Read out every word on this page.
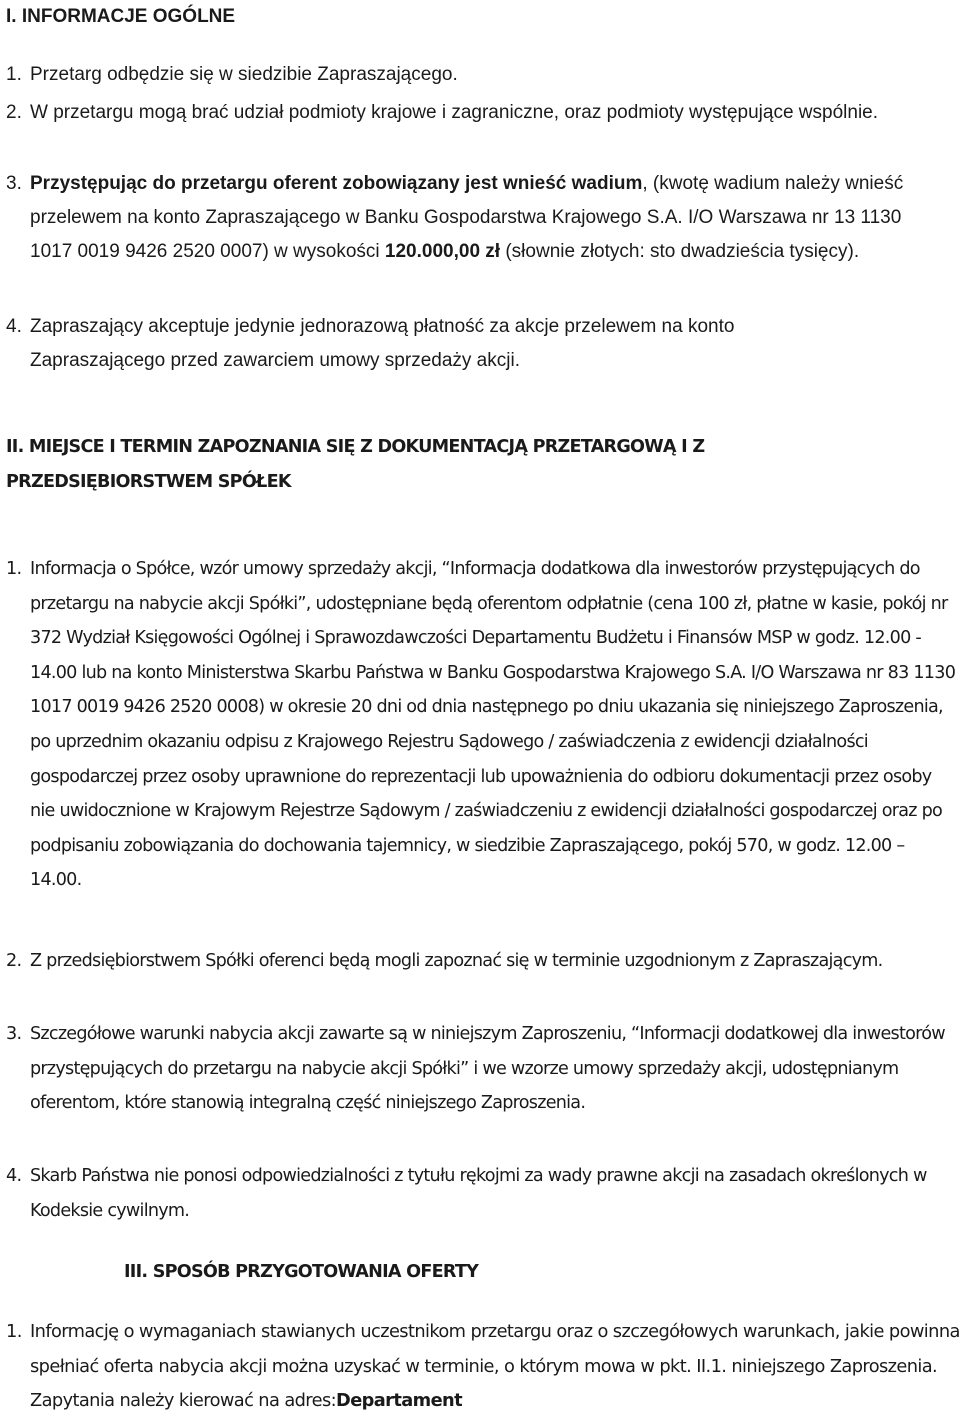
I. INFORMACJE OGÓLNE
1. Przetarg odbędzie się w siedzibie Zapraszającego.
2. W przetargu mogą brać udział podmioty krajowe i zagraniczne, oraz podmioty występujące wspólnie.
3. Przystępując do przetargu oferent zobowiązany jest wnieść wadium, (kwotę wadium należy wnieść przelewem na konto Zapraszającego w Banku Gospodarstwa Krajowego S.A. I/O Warszawa nr 13 1130 1017 0019 9426 2520 0007) w wysokości 120.000,00 zł (słownie złotych: sto dwadzieścia tysięcy).
4. Zapraszający akceptuje jedynie jednorazową płatność za akcje przelewem na konto Zapraszającego przed zawarciem umowy sprzedaży akcji.
II. MIEJSCE I TERMIN ZAPOZNANIA SIĘ Z DOKUMENTACJĄ PRZETARGOWĄ I Z
PRZEDSIĘBIORSTWEM SPÓŁEK
1. Informacja o Spółce, wzór umowy sprzedaży akcji, “Informacja dodatkowa dla inwestorów przystępujących do przetargu na nabycie akcji Spółki”, udostępniane będą oferentom odpłatnie (cena 100 zł, płatne w kasie, pokój nr 372 Wydział Księgowości Ogólnej i Sprawozdawczości Departamentu Budżetu i Finansów MSP w godz. 12.00 - 14.00 lub na konto Ministerstwa Skarbu Państwa w Banku Gospodarstwa Krajowego S.A. I/O Warszawa nr 83 1130 1017 0019 9426 2520 0008) w okresie 20 dni od dnia następnego po dniu ukazania się niniejszego Zaproszenia, po uprzednim okazaniu odpisu z Krajowego Rejestru Sądowego / zaświadczenia z ewidencji działalności gospodarczej przez osoby uprawnione do reprezentacji lub upoważnienia do odbioru dokumentacji przez osoby nie uwidocznione w Krajowym Rejestrze Sądowym / zaświadczeniu z ewidencji działalności gospodarczej oraz po podpisaniu zobowiązania do dochowania tajemnicy, w siedzibie Zapraszającego, pokój 570, w godz. 12.00 – 14.00.
2. Z przedsiębiorstwem Spółki oferenci będą mogli zapoznać się w terminie uzgodnionym z Zapraszającym.
3. Szczegółowe warunki nabycia akcji zawarte są w niniejszym Zaproszeniu, “Informacji dodatkowej dla inwestorów przystępujących do przetargu na nabycie akcji Spółki” i we wzorze umowy sprzedaży akcji, udostępnianym oferentom, które stanowią integralną część niniejszego Zaproszenia.
4. Skarb Państwa nie ponosi odpowiedzialności z tytułu rękojmi za wady prawne akcji na zasadach określonych w Kodeksie cywilnym.
III. SPOSÓB PRZYGOTOWANIA OFERTY
1. Informację o wymaganiach stawianych uczestnikom przetargu oraz o szczegółowych warunkach, jakie powinna spełniać oferta nabycia akcji można uzyskać w terminie, o którym mowa w pkt. II.1. niniejszego Zaproszenia. Zapytania należy kierować na adres:Departament
